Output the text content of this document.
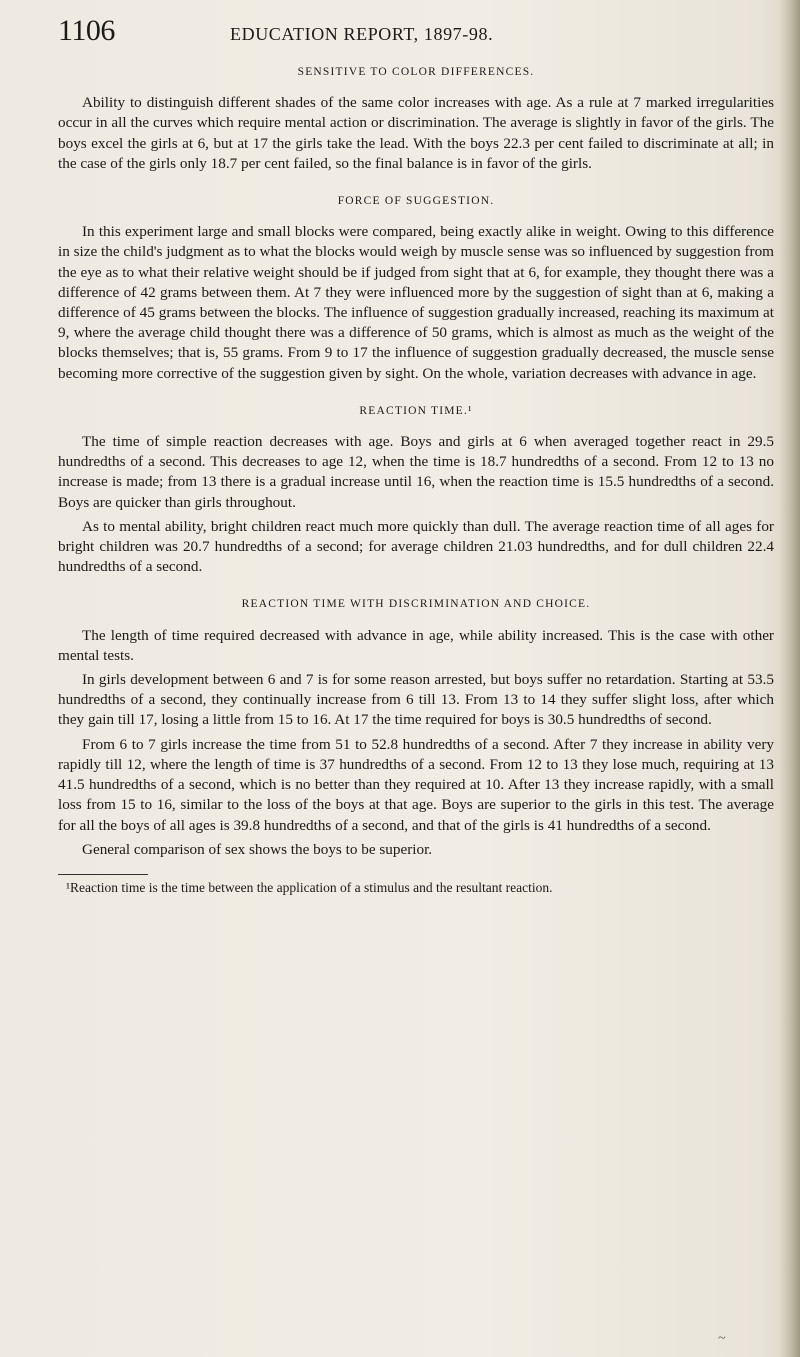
1106	EDUCATION REPORT, 1897-98.
SENSITIVE TO COLOR DIFFERENCES.

Ability to distinguish different shades of the same color increases with age. As a rule at 7 marked irregularities occur in all the curves which require mental action or discrimination. The average is slightly in favor of the girls. The boys excel the girls at 6, but at 17 the girls take the lead. With the boys 22.3 per cent failed to discriminate at all; in the case of the girls only 18.7 per cent failed, so the final balance is in favor of the girls.

FORCE OF SUGGESTION.

In this experiment large and small blocks were compared, being exactly alike in weight. Owing to this difference in size the child's judgment as to what the blocks would weigh by muscle sense was so influenced by suggestion from the eye as to what their relative weight should be if judged from sight that at 6, for example, they thought there was a difference of 42 grams between them. At 7 they were influenced more by the suggestion of sight than at 6, making a difference of 45 grams between the blocks. The influence of suggestion gradually increased, reaching its maximum at 9, where the average child thought there was a difference of 50 grams, which is almost as much as the weight of the blocks themselves; that is, 55 grams. From 9 to 17 the influence of suggestion gradually decreased, the muscle sense becoming more corrective of the suggestion given by sight. On the whole, variation decreases with advance in age.

REACTION TIME.¹

The time of simple reaction decreases with age. Boys and girls at 6 when averaged together react in 29.5 hundredths of a second. This decreases to age 12, when the time is 18.7 hundredths of a second. From 12 to 13 no increase is made; from 13 there is a gradual increase until 16, when the reaction time is 15.5 hundredths of a second. Boys are quicker than girls throughout.

As to mental ability, bright children react much more quickly than dull. The average reaction time of all ages for bright children was 20.7 hundredths of a second; for average children 21.03 hundredths, and for dull children 22.4 hundredths of a second.

REACTION TIME WITH DISCRIMINATION AND CHOICE.

The length of time required decreased with advance in age, while ability increased. This is the case with other mental tests.

In girls development between 6 and 7 is for some reason arrested, but boys suffer no retardation. Starting at 53.5 hundredths of a second, they continually increase from 6 till 13. From 13 to 14 they suffer slight loss, after which they gain till 17, losing a little from 15 to 16. At 17 the time required for boys is 30.5 hundredths of second.

From 6 to 7 girls increase the time from 51 to 52.8 hundredths of a second. After 7 they increase in ability very rapidly till 12, where the length of time is 37 hundredths of a second. From 12 to 13 they lose much, requiring at 13 41.5 hundredths of a second, which is no better than they required at 10. After 13 they increase rapidly, with a small loss from 15 to 16, similar to the loss of the boys at that age. Boys are superior to the girls in this test. The average for all the boys of all ages is 39.8 hundredths of a second, and that of the girls is 41 hundredths of a second.

General comparison of sex shows the boys to be superior.

¹Reaction time is the time between the application of a stimulus and the resultant reaction.

~
